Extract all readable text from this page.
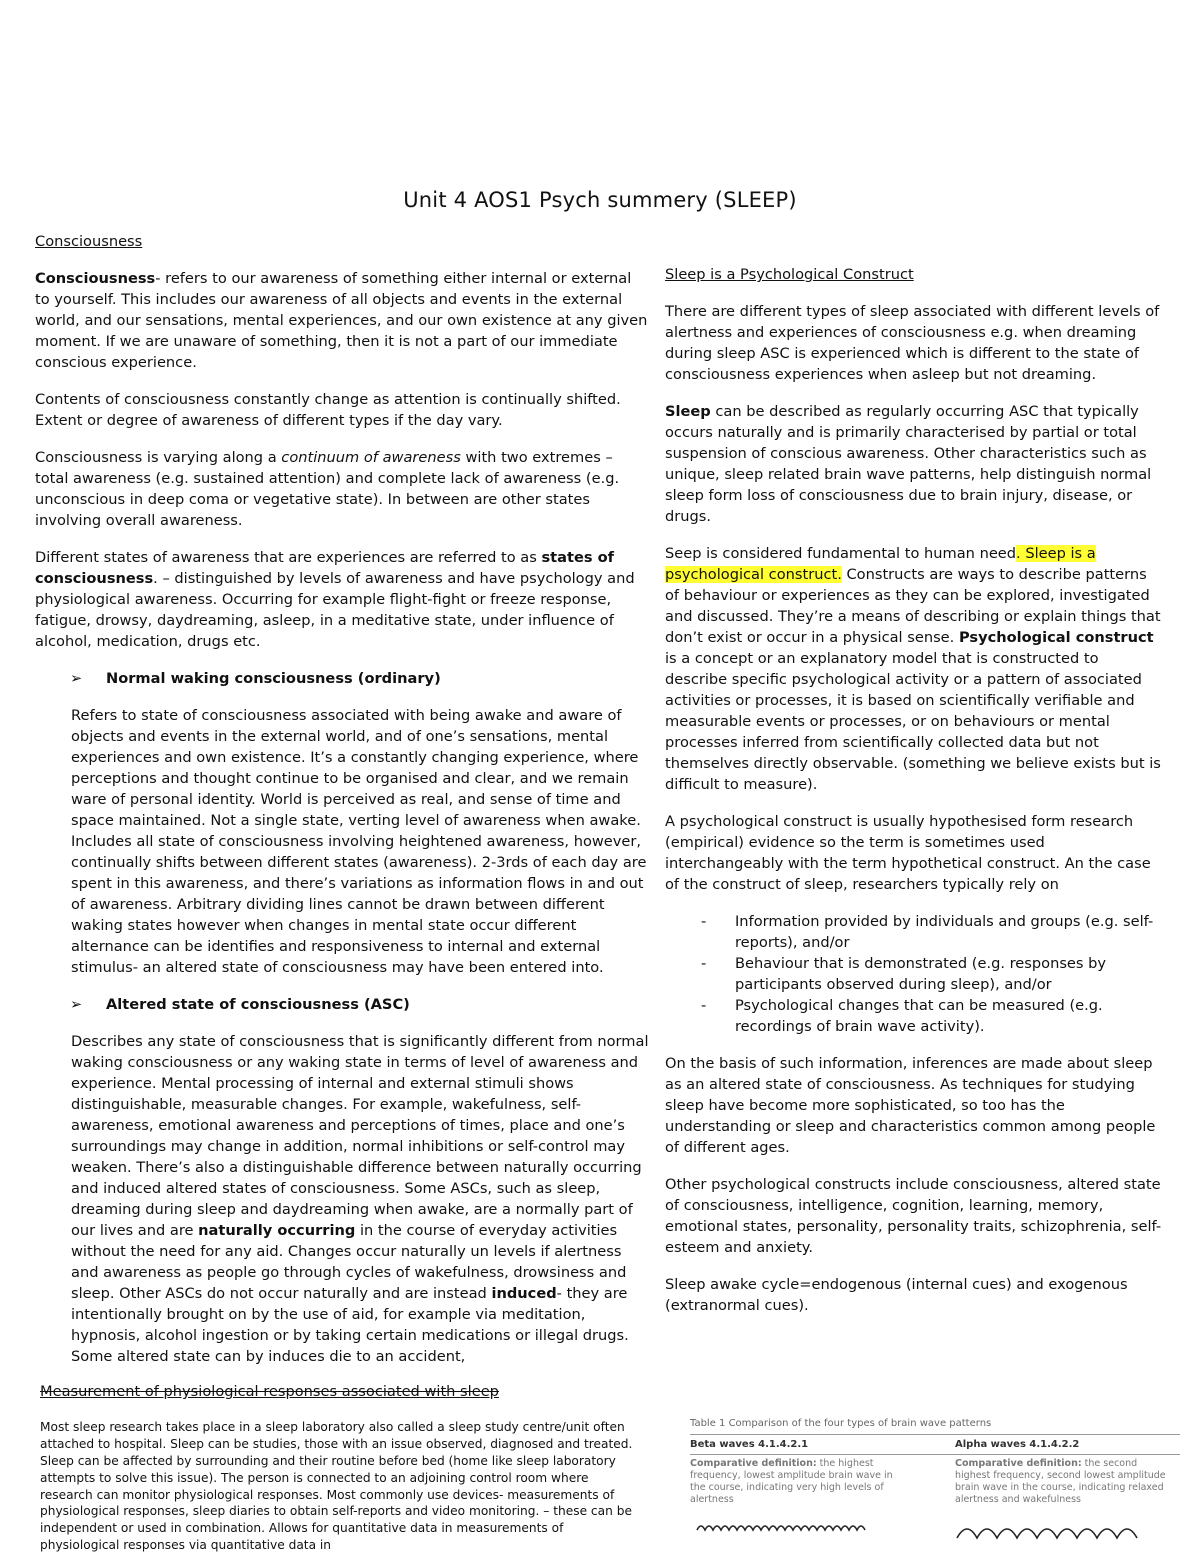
Unit 4 AOS1 Psych summery (SLEEP)

Consciousness

Consciousness- refers to our awareness of something either internal or external to yourself. This includes our awareness of all objects and events in the external world, and our sensations, mental experiences, and our own existence at any given moment. If we are unaware of something, then it is not a part of our immediate conscious experience.

Contents of consciousness constantly change as attention is continually shifted. Extent or degree of awareness of different types if the day vary.

Consciousness is varying along a continuum of awareness with two extremes – total awareness (e.g. sustained attention) and complete lack of awareness (e.g. unconscious in deep coma or vegetative state). In between are other states involving overall awareness.

Different states of awareness that are experiences are referred to as states of consciousness. – distinguished by levels of awareness and have psychology and physiological awareness. Occurring for example flight-fight or freeze response, fatigue, drowsy, daydreaming, asleep, in a meditative state, under influence of alcohol, medication, drugs etc.

➢ Normal waking consciousness (ordinary)

Refers to state of consciousness associated with being awake and aware of objects and events in the external world, and of one’s sensations, mental experiences and own existence. It’s a constantly changing experience, where perceptions and thought continue to be organised and clear, and we remain ware of personal identity. World is perceived as real, and sense of time and space maintained. Not a single state, verting level of awareness when awake. Includes all state of consciousness involving heightened awareness, however, continually shifts between different states (awareness). 2-3rds of each day are spent in this awareness, and there’s variations as information flows in and out of awareness. Arbitrary dividing lines cannot be drawn between different waking states however when changes in mental state occur different alternance can be identifies and responsiveness to internal and external stimulus- an altered state of consciousness may have been entered into.

➢ Altered state of consciousness (ASC)

Describes any state of consciousness that is significantly different from normal waking consciousness or any waking state in terms of level of awareness and experience. Mental processing of internal and external stimuli shows distinguishable, measurable changes. For example, wakefulness, self-awareness, emotional awareness and perceptions of times, place and one’s surroundings may change in addition, normal inhibitions or self-control may weaken. There’s also a distinguishable difference between naturally occurring and induced altered states of consciousness. Some ASCs, such as sleep, dreaming during sleep and daydreaming when awake, are a normally part of our lives and are naturally occurring in the course of everyday activities without the need for any aid. Changes occur naturally un levels if alertness and awareness as people go through cycles of wakefulness, drowsiness and sleep. Other ASCs do not occur naturally and are instead induced- they are intentionally brought on by the use of aid, for example via meditation, hypnosis, alcohol ingestion or by taking certain medications or illegal drugs. Some altered state can by induces die to an accident,

Sleep is a Psychological Construct

There are different types of sleep associated with different levels of alertness and experiences of consciousness e.g. when dreaming during sleep ASC is experienced which is different to the state of consciousness experiences when asleep but not dreaming.

Sleep can be described as regularly occurring ASC that typically occurs naturally and is primarily characterised by partial or total suspension of conscious awareness. Other characteristics such as unique, sleep related brain wave patterns, help distinguish normal sleep form loss of consciousness due to brain injury, disease, or drugs.

Seep is considered fundamental to human need. Sleep is a psychological construct. Constructs are ways to describe patterns of behaviour or experiences as they can be explored, investigated and discussed. They’re a means of describing or explain things that don’t exist or occur in a physical sense. Psychological construct is a concept or an explanatory model that is constructed to describe specific psychological activity or a pattern of associated activities or processes, it is based on scientifically verifiable and measurable events or processes, or on behaviours or mental processes inferred from scientifically collected data but not themselves directly observable. (something we believe exists but is difficult to measure).

A psychological construct is usually hypothesised form research (empirical) evidence so the term is sometimes used interchangeably with the term hypothetical construct. An the case of the construct of sleep, researchers typically rely on

- Information provided by individuals and groups (e.g. self-reports), and/or
- Behaviour that is demonstrated (e.g. responses by participants observed during sleep), and/or
- Psychological changes that can be measured (e.g. recordings of brain wave activity).

On the basis of such information, inferences are made about sleep as an altered state of consciousness. As techniques for studying sleep have become more sophisticated, so too has the understanding or sleep and characteristics common among people of different ages.

Other psychological constructs include consciousness, altered state of consciousness, intelligence, cognition, learning, memory, emotional states, personality, personality traits, schizophrenia, self-esteem and anxiety.

Sleep awake cycle=endogenous (internal cues) and exogenous (extranormal cues).

Measurement of physiological responses associated with sleep
Most sleep research takes place in a sleep laboratory also called a sleep study centre/unit often attached to hospital. Sleep can be studies, those with an issue observed, diagnosed and treated. Sleep can be affected by surrounding and their routine before bed (home like sleep laboratory attempts to solve this issue). The person is connected to an adjoining control room where research can monitor physiological responses. Most commonly use devices- measurements of physiological responses, sleep diaries to obtain self-reports and video monitoring. – these can be independent or used in combination. Allows for quantitative data in measurements of physiological responses via quantitative data in
Table 1 Comparison of the four types of brain wave patterns
Beta waves 4.1.4.2.1	Alpha waves 4.1.4.2.2
Comparative definition: the highest frequency, lowest amplitude brain wave in the course, indicating very high levels of alertness
Comparative definition: the second highest frequency, second lowest amplitude brain wave in the course, indicating relaxed alertness and wakefulness
